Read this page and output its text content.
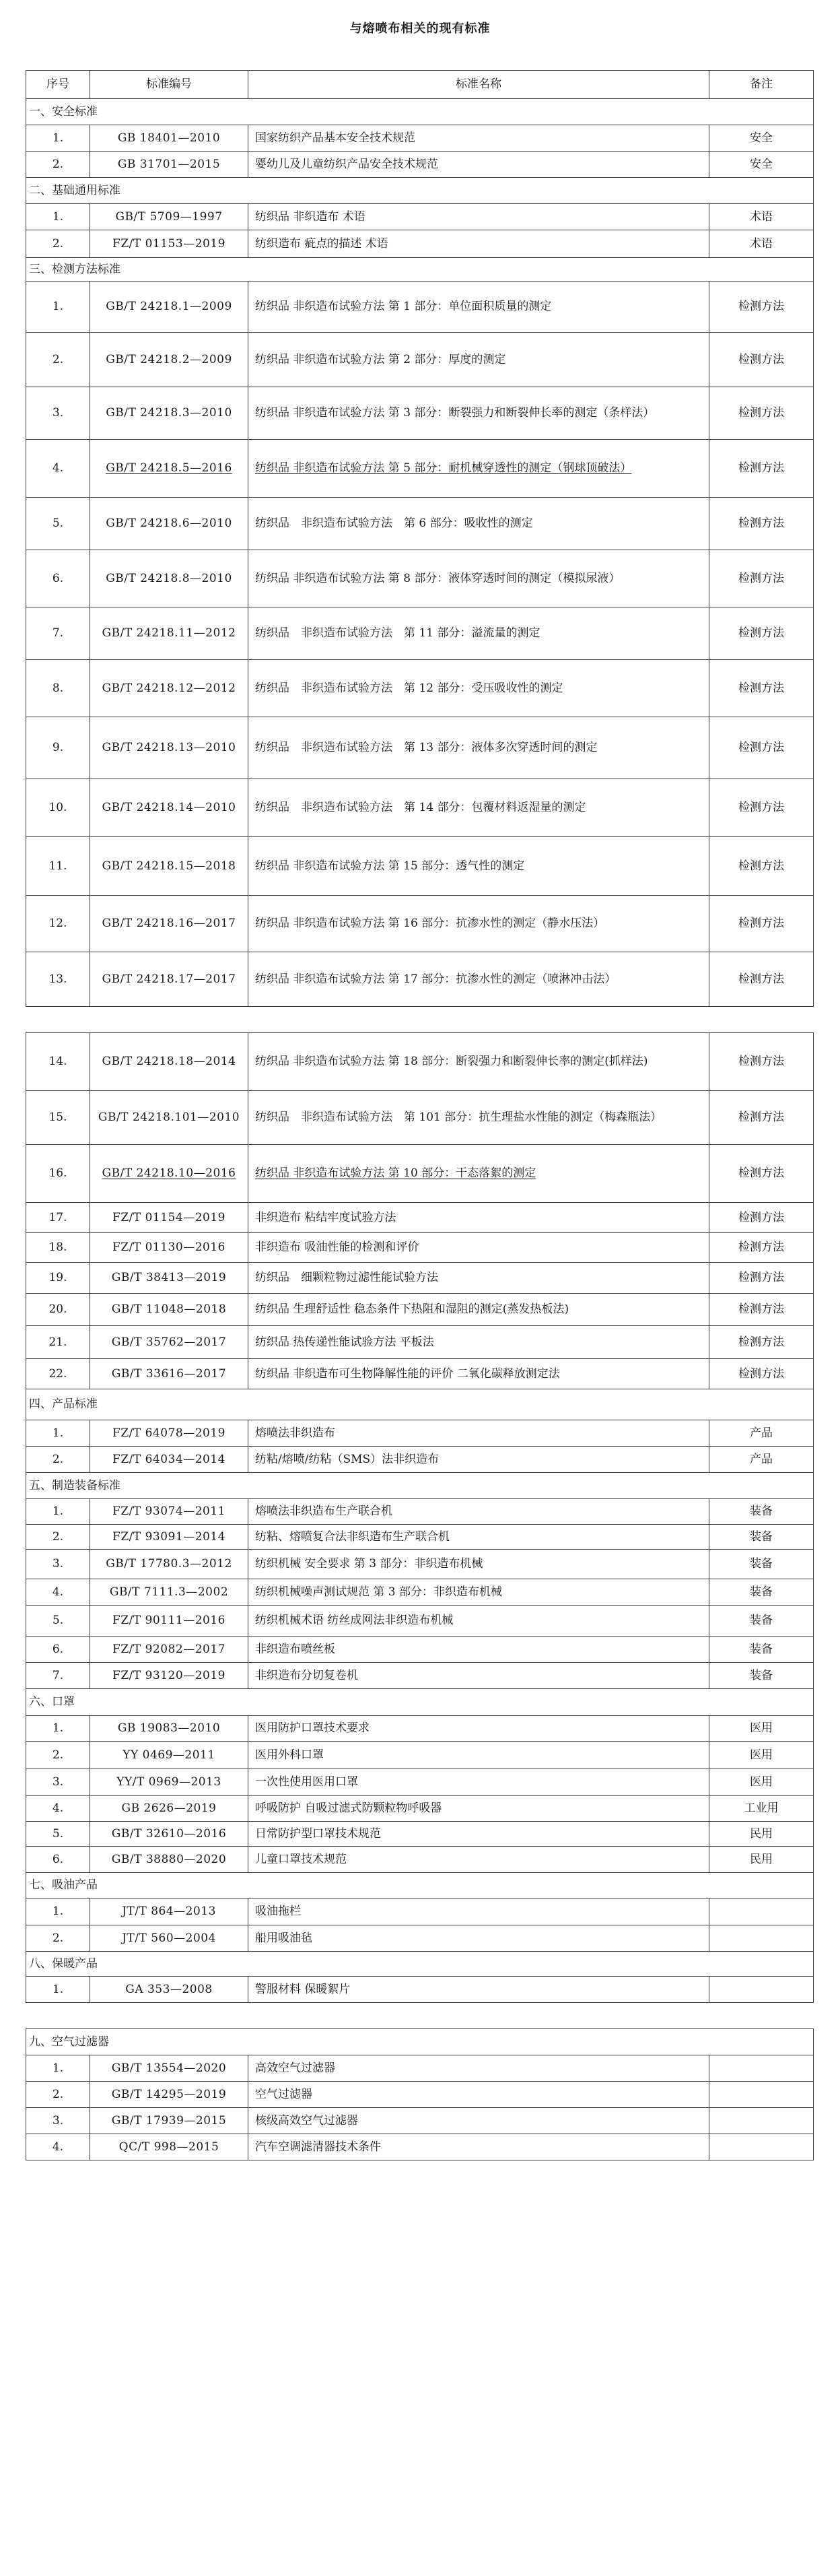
与熔喷布相关的现有标准
序号	标准编号	标准名称	备注
一、安全标准			
1.	GB 18401—2010	国家纺织产品基本安全技术规范	安全
2.	GB 31701—2015	婴幼儿及儿童纺织产品安全技术规范	安全
二、基础通用标准			
1.	GB/T 5709—1997	纺织品 非织造布 术语	术语
2.	FZ/T 01153—2019	纺织造布 疵点的描述 术语	术语
三、检测方法标准			
1.	GB/T 24218.1—2009	纺织品 非织造布试验方法 第 1 部分：单位面积质量的测定	检测方法
2.	GB/T 24218.2—2009	纺织品 非织造布试验方法 第 2 部分：厚度的测定	检测方法
3.	GB/T 24218.3—2010	纺织品 非织造布试验方法 第 3 部分：断裂强力和断裂伸长率的测定（条样法）	检测方法
4.	GB/T 24218.5—2016	纺织品 非织造布试验方法 第 5 部分：耐机械穿透性的测定（钢球顶破法）	检测方法
5.	GB/T 24218.6—2010	纺织品　非织造布试验方法　第 6 部分：吸收性的测定	检测方法
6.	GB/T 24218.8—2010	纺织品 非织造布试验方法 第 8 部分：液体穿透时间的测定（模拟尿液）	检测方法
7.	GB/T 24218.11—2012	纺织品　非织造布试验方法　第 11 部分：溢流量的测定	检测方法
8.	GB/T 24218.12—2012	纺织品　非织造布试验方法　第 12 部分：受压吸收性的测定	检测方法
9.	GB/T 24218.13—2010	纺织品　非织造布试验方法　第 13 部分：液体多次穿透时间的测定	检测方法
10.	GB/T 24218.14—2010	纺织品　非织造布试验方法　第 14 部分：包覆材料返湿量的测定	检测方法
11.	GB/T 24218.15—2018	纺织品 非织造布试验方法 第 15 部分：透气性的测定	检测方法
12.	GB/T 24218.16—2017	纺织品 非织造布试验方法 第 16 部分：抗渗水性的测定（静水压法）	检测方法
13.	GB/T 24218.17—2017	纺织品 非织造布试验方法 第 17 部分：抗渗水性的测定（喷淋冲击法）	检测方法
14.	GB/T 24218.18—2014	纺织品 非织造布试验方法 第 18 部分：断裂强力和断裂伸长率的测定(抓样法)	检测方法
15.	GB/T 24218.101—2010	纺织品　非织造布试验方法　第 101 部分：抗生理盐水性能的测定（梅森瓶法）	检测方法
16.	GB/T 24218.10—2016	纺织品 非织造布试验方法 第 10 部分：干态落絮的测定	检测方法
17.	FZ/T 01154—2019	非织造布 粘结牢度试验方法	检测方法
18.	FZ/T 01130—2016	非织造布 吸油性能的检测和评价	检测方法
19.	GB/T 38413—2019	纺织品　细颗粒物过滤性能试验方法	检测方法
20.	GB/T 11048—2018	纺织品 生理舒适性 稳态条件下热阻和湿阻的测定(蒸发热板法)	检测方法
21.	GB/T 35762—2017	纺织品 热传递性能试验方法 平板法	检测方法
22.	GB/T 33616—2017	纺织品 非织造布可生物降解性能的评价 二氧化碳释放测定法	检测方法
四、产品标准			
1.	FZ/T 64078—2019	熔喷法非织造布	产品
2.	FZ/T 64034—2014	纺粘/熔喷/纺粘（SMS）法非织造布	产品
五、制造装备标准			
1.	FZ/T 93074—2011	熔喷法非织造布生产联合机	装备
2.	FZ/T 93091—2014	纺粘、熔喷复合法非织造布生产联合机	装备
3.	GB/T 17780.3—2012	纺织机械 安全要求 第 3 部分：非织造布机械	装备
4.	GB/T 7111.3—2002	纺织机械噪声测试规范 第 3 部分：非织造布机械	装备
5.	FZ/T 90111—2016	纺织机械术语 纺丝成网法非织造布机械	装备
6.	FZ/T 92082—2017	非织造布喷丝板	装备
7.	FZ/T 93120—2019	非织造布分切复卷机	装备
六、口罩			
1.	GB 19083—2010	医用防护口罩技术要求	医用
2.	YY 0469—2011	医用外科口罩	医用
3.	YY/T 0969—2013	一次性使用医用口罩	医用
4.	GB 2626—2019	呼吸防护 自吸过滤式防颗粒物呼吸器	工业用
5.	GB/T 32610—2016	日常防护型口罩技术规范	民用
6.	GB/T 38880—2020	儿童口罩技术规范	民用
七、吸油产品			
1.	JT/T 864—2013	吸油拖栏	
2.	JT/T 560—2004	船用吸油毡	
八、保暖产品			
1.	GA 353—2008	警服材料 保暖絮片	
九、空气过滤器			
1.	GB/T 13554—2020	高效空气过滤器	
2.	GB/T 14295—2019	空气过滤器	
3.	GB/T 17939—2015	核级高效空气过滤器	
4.	QC/T 998—2015	汽车空调滤清器技术条件	
